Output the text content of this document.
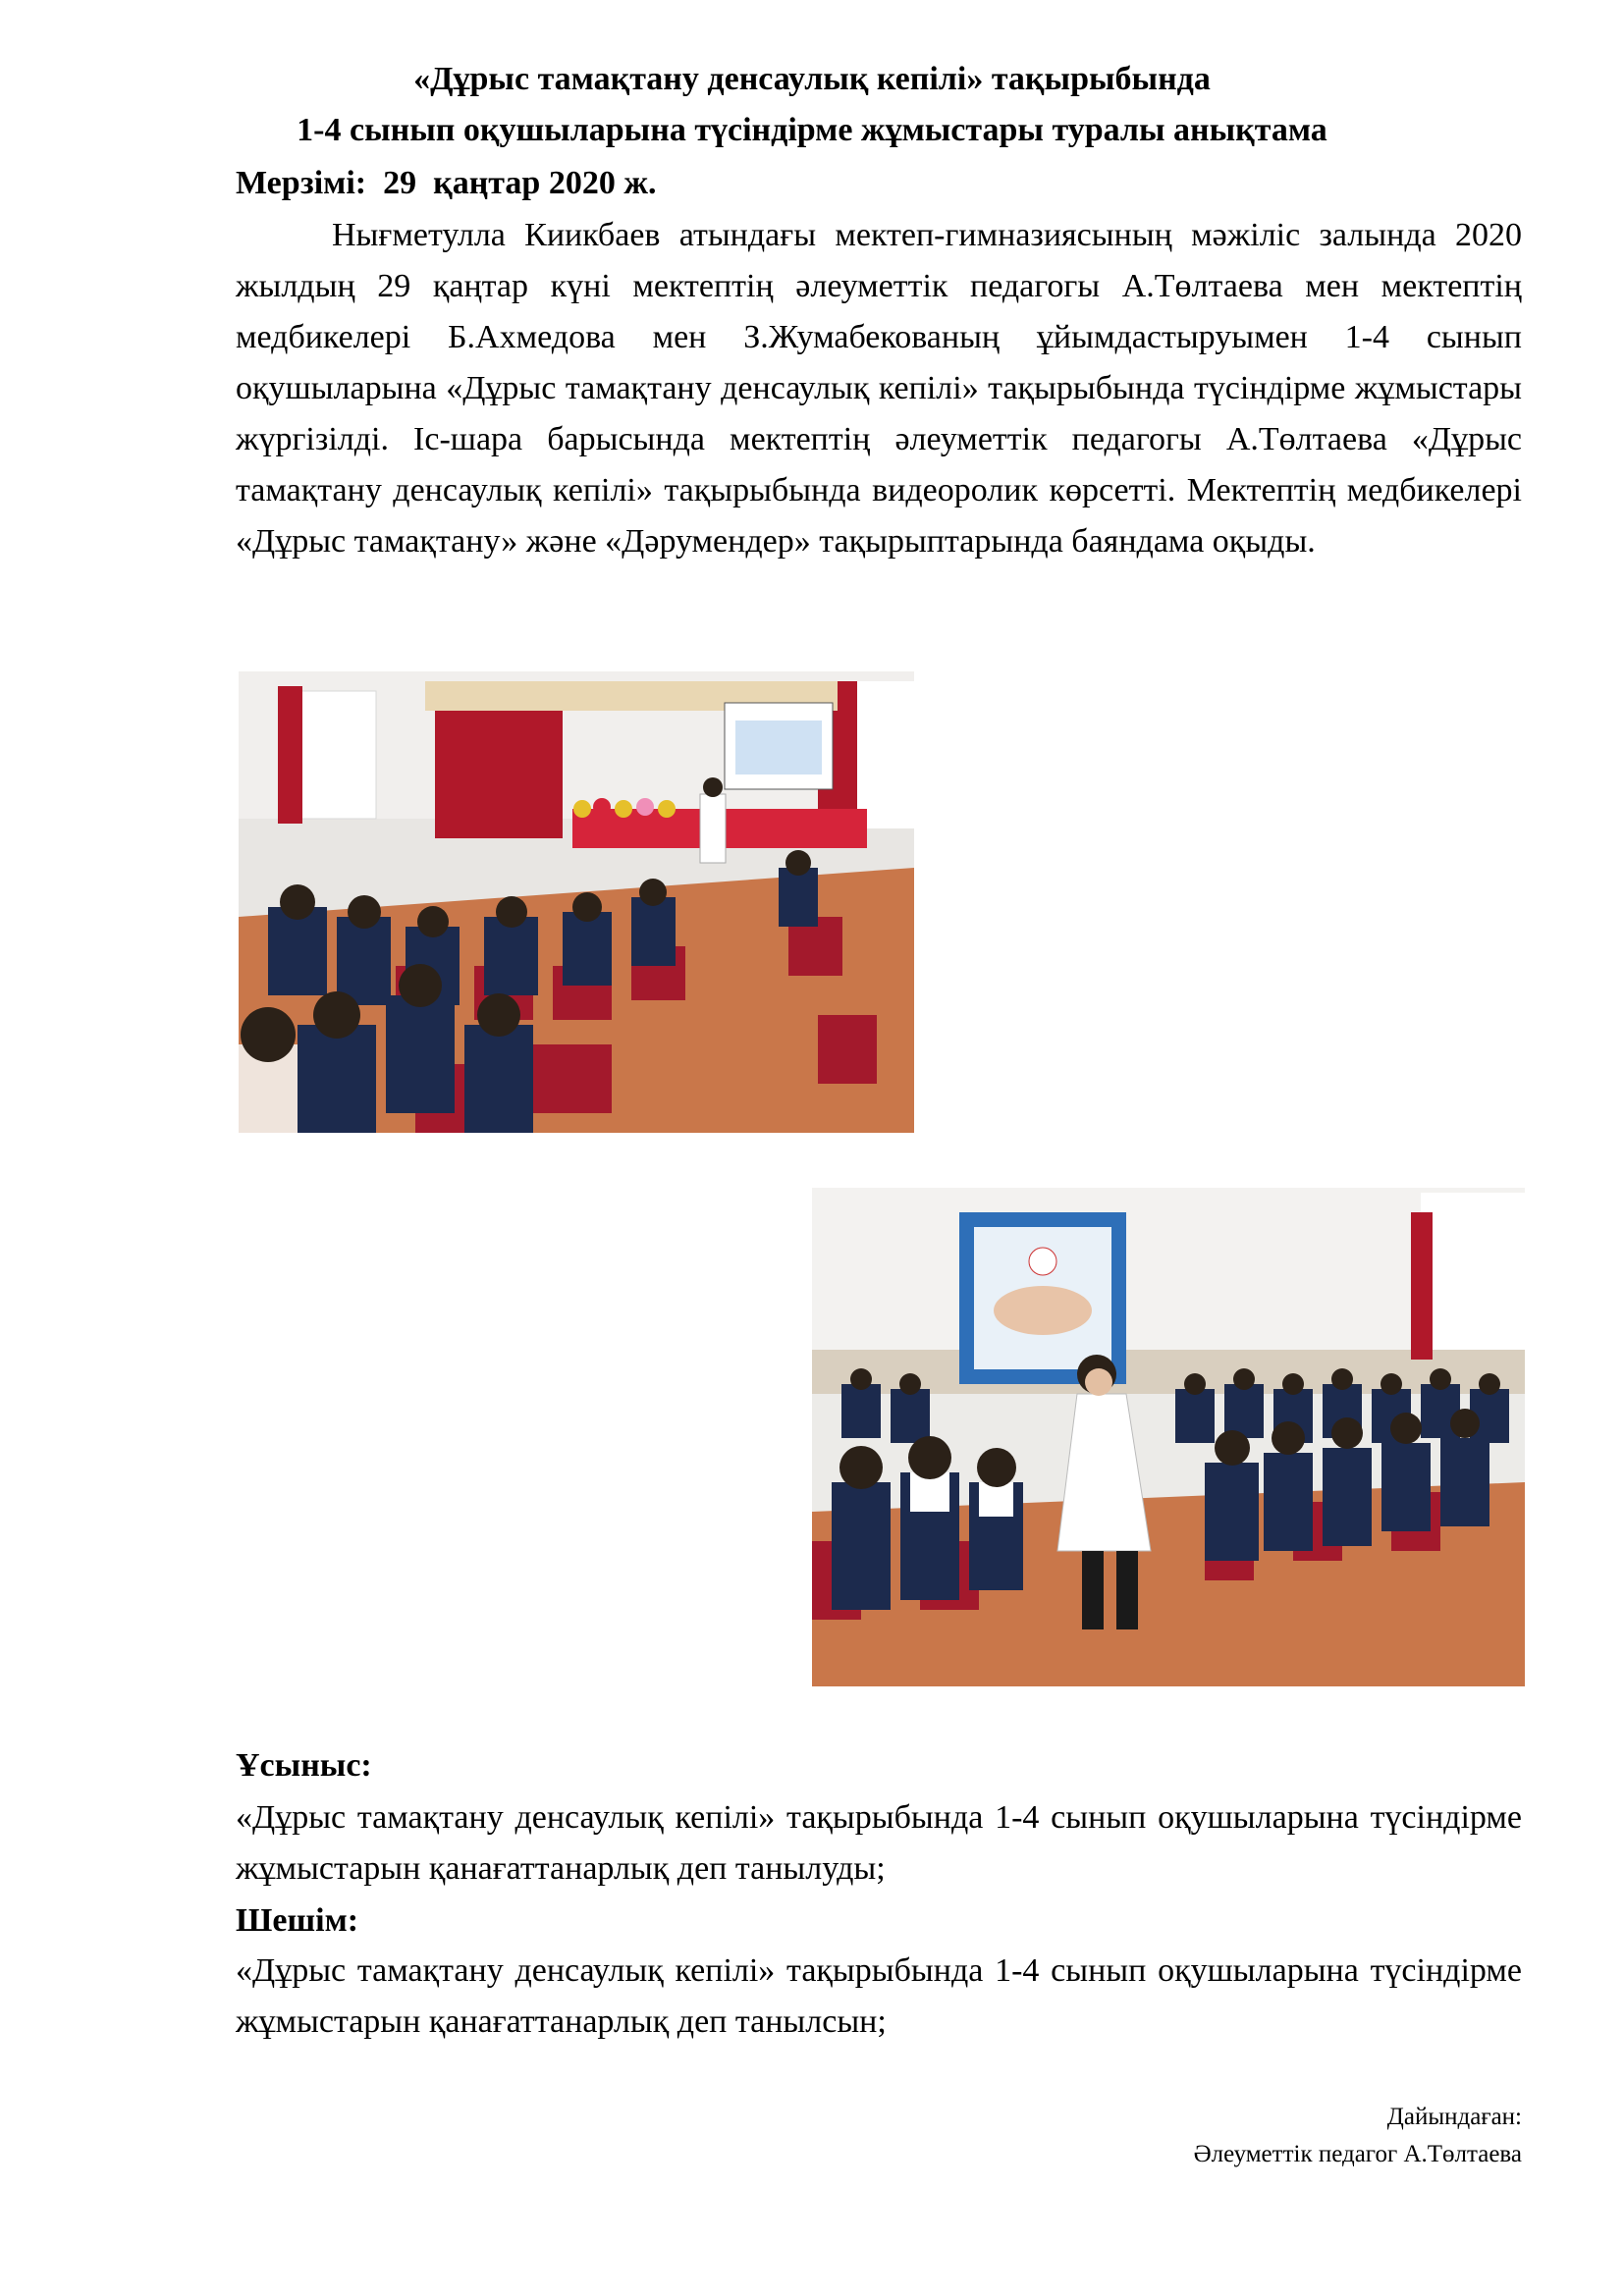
«Дұрыс тамақтану денсаулық кепілі» тақырыбында
1-4 сынып оқушыларына түсіндірме жұмыстары туралы анықтама
Мерзімі:  29  қаңтар 2020 ж.

Нығметулла Киикбаев атындағы мектеп-гимназиясының мәжіліс залында 2020 жылдың 29 қаңтар күні мектептің әлеуметтік педагогы А.Төлтаева мен мектептің медбикелері Б.Ахмедова мен З.Жумабекованың ұйымдастыруымен 1-4 сынып оқушыларына «Дұрыс тамақтану денсаулық кепілі» тақырыбында түсіндірме жұмыстары жүргізілді. Іс-шара барысында мектептің әлеуметтік педагогы А.Төлтаева «Дұрыс тамақтану денсаулық кепілі» тақырыбында видеоролик көрсетті. Мектептің медбикелері «Дұрыс тамақтану» және «Дәрумендер» тақырыптарында баяндама оқыды.

Ұсыныс:

«Дұрыс тамақтану денсаулық кепілі» тақырыбында 1-4 сынып оқушыларына түсіндірме жұмыстарын қанағаттанарлық деп танылуды;

Шешім:

«Дұрыс тамақтану денсаулық кепілі» тақырыбында 1-4 сынып оқушыларына түсіндірме жұмыстарын қанағаттанарлық деп танылсын;

Дайындаған:
Әлеуметтік педагог А.Төлтаева
